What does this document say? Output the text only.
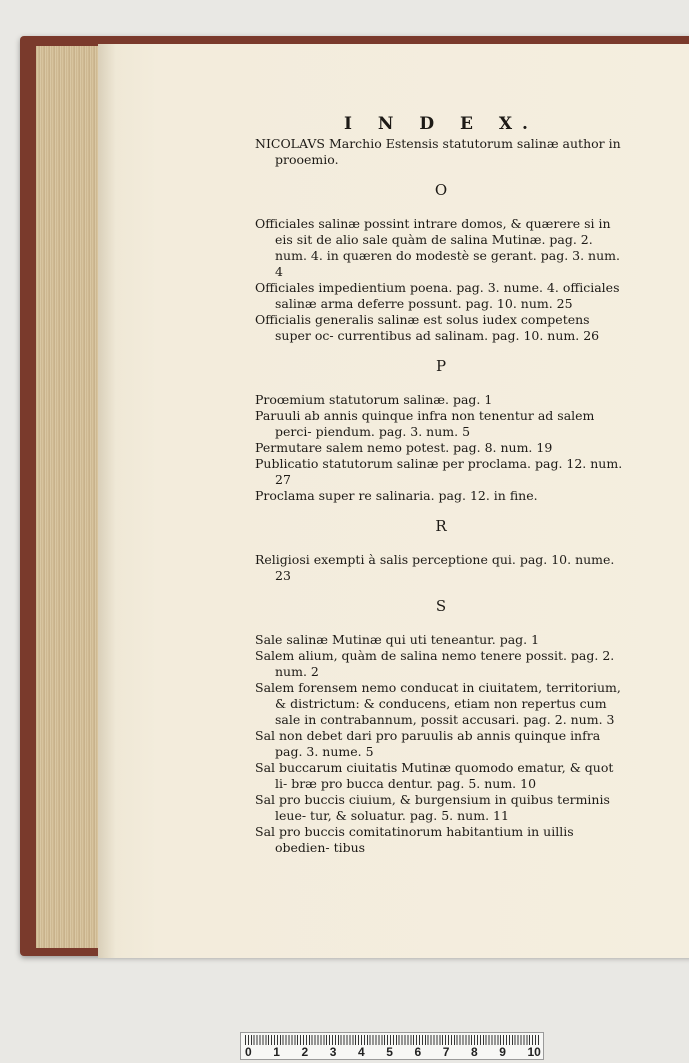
I N D E X.

NICOLAVS Marchio Estensis statutorum salinæ author in prooemio.

O

Officiales salinæ possint intrare domos, & quærere si in eis sit de alio sale quàm de salina Mutinæ. pag. 2. num. 4. in quæren do modestè se gerant. pag. 3. num. 4

Officiales impedientium poena. pag. 3. nume. 4. officiales salinæ arma deferre possunt. pag. 10. num. 25

Officialis generalis salinæ est solus iudex competens super oc- currentibus ad salinam. pag. 10. num. 26

P

Proœmium statutorum salinæ. pag. 1

Paruuli ab annis quinque infra non tenentur ad salem perci- piendum. pag. 3. num. 5

Permutare salem nemo potest. pag. 8. num. 19

Publicatio statutorum salinæ per proclama. pag. 12. num. 27

Proclama super re salinaria. pag. 12. in fine.

R

Religiosi exempti à salis perceptione qui. pag. 10. nume. 23

S

Sale salinæ Mutinæ qui uti teneantur. pag. 1

Salem alium, quàm de salina nemo tenere possit. pag. 2. num. 2

Salem forensem nemo conducat in ciuitatem, territorium, & districtum: & conducens, etiam non repertus cum sale in contrabannum, possit accusari. pag. 2. num. 3

Sal non debet dari pro paruulis ab annis quinque infra pag. 3. nume. 5

Sal buccarum ciuitatis Mutinæ quomodo ematur, & quot li- bræ pro bucca dentur. pag. 5. num. 10

Sal pro buccis ciuium, & burgensium in quibus terminis leue- tur, & soluatur. pag. 5. num. 11

Sal pro buccis comitatinorum habitantium in uillis obedien- tibus

0 1 2 3 4 5 6 7 8 9 10
